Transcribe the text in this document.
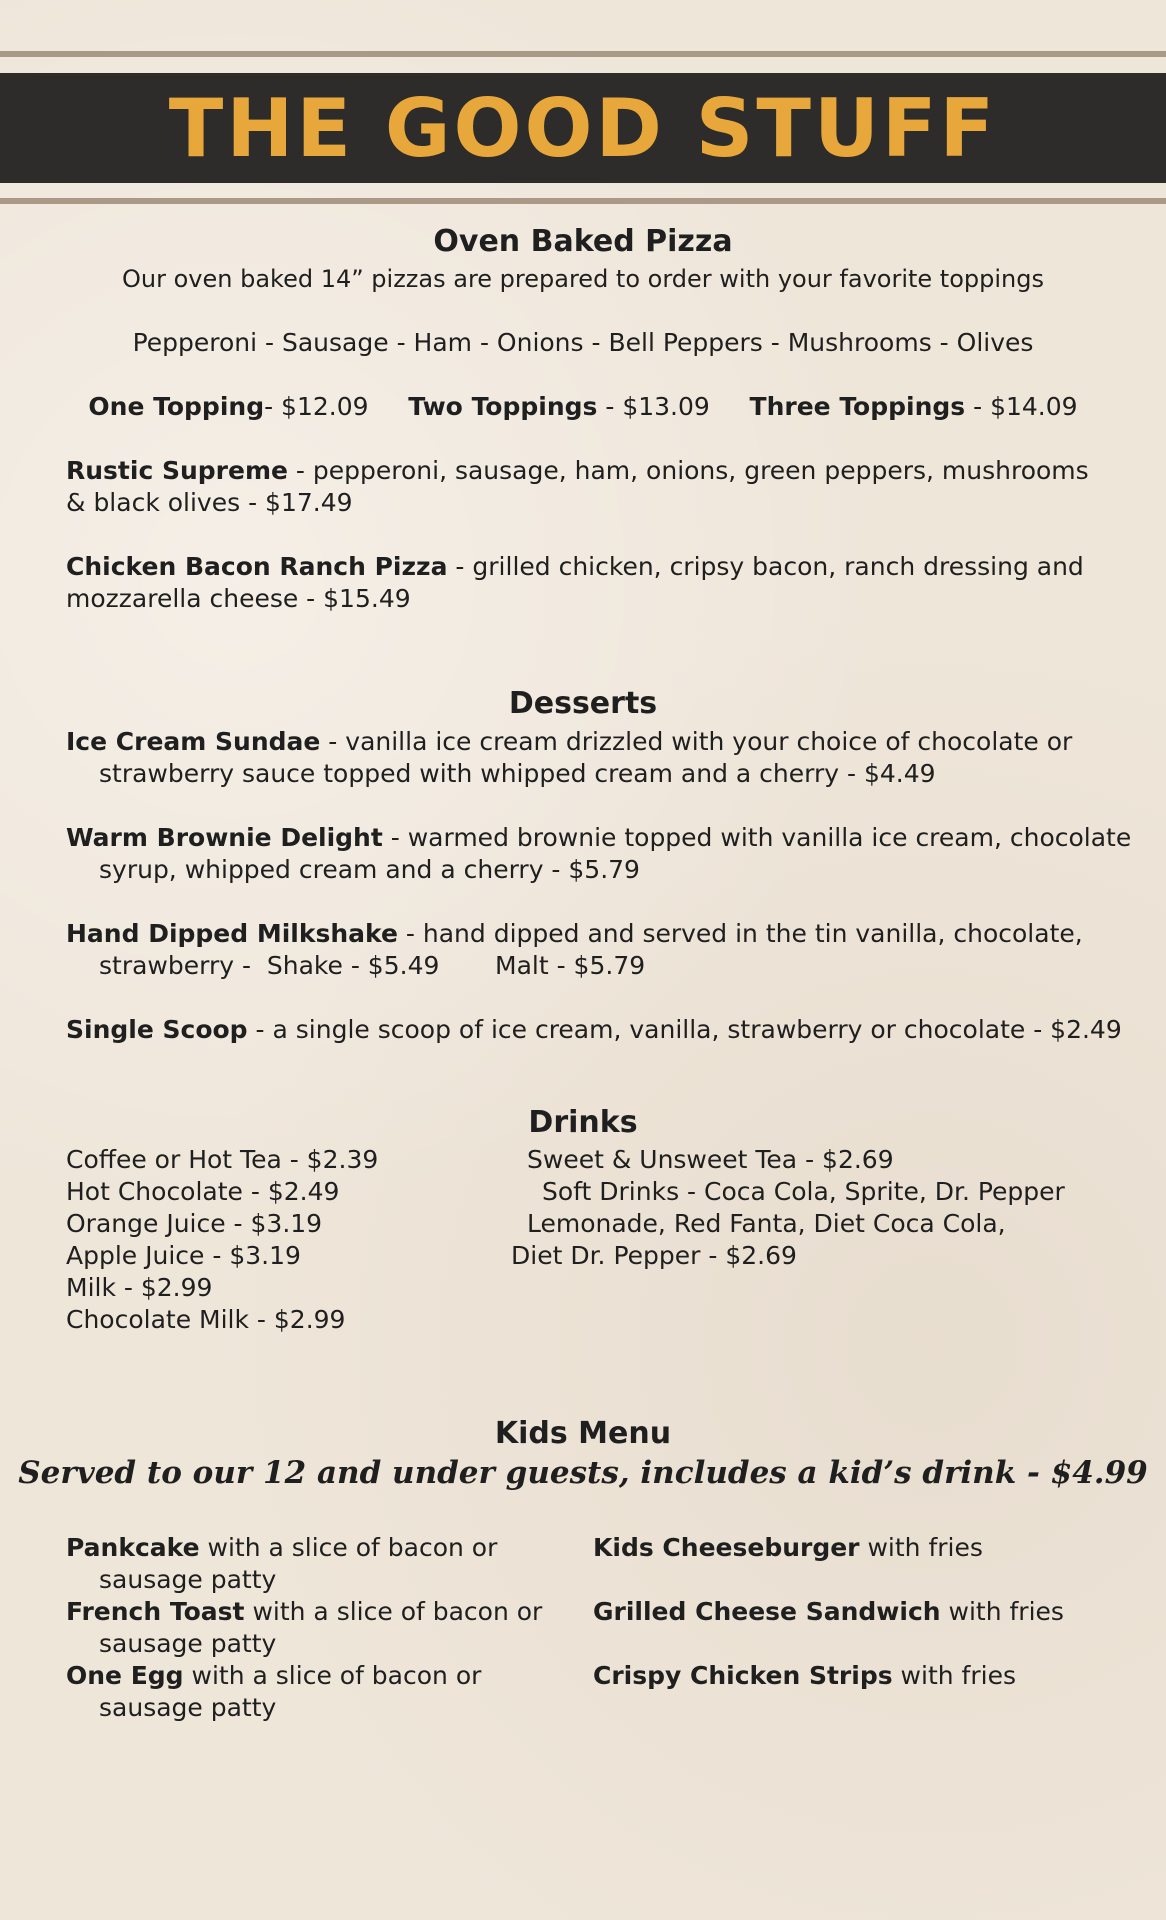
THE GOOD STUFF
Oven Baked Pizza
Our oven baked 14” pizzas are prepared to order with your favorite toppings
Pepperoni - Sausage - Ham - Onions - Bell Peppers - Mushrooms - Olives
One Topping- $12.09 Two Toppings - $13.09 Three Toppings - $14.09
Rustic Supreme - pepperoni, sausage, ham, onions, green peppers, mushrooms
& black olives - $17.49
Chicken Bacon Ranch Pizza - grilled chicken, cripsy bacon, ranch dressing and
mozzarella cheese - $15.49
Desserts
Ice Cream Sundae - vanilla ice cream drizzled with your choice of chocolate or
strawberry sauce topped with whipped cream and a cherry - $4.49
Warm Brownie Delight - warmed brownie topped with vanilla ice cream, chocolate
syrup, whipped cream and a cherry - $5.79
Hand Dipped Milkshake - hand dipped and served in the tin vanilla, chocolate,
strawberry -  Shake - $5.49       Malt - $5.79
Single Scoop - a single scoop of ice cream, vanilla, strawberry or chocolate - $2.49
Drinks
Coffee or Hot Tea - $2.39
Hot Chocolate - $2.49
Orange Juice - $3.19
Apple Juice - $3.19
Milk - $2.99
Chocolate Milk - $2.99
Sweet & Unsweet Tea - $2.69
Soft Drinks - Coca Cola, Sprite, Dr. Pepper
Lemonade, Red Fanta, Diet Coca Cola,
Diet Dr. Pepper - $2.69
Kids Menu
Served to our 12 and under guests, includes a kid’s drink - $4.99
Pankcake with a slice of bacon or
sausage patty
French Toast with a slice of bacon or
sausage patty
One Egg with a slice of bacon or
sausage patty
Kids Cheeseburger with fries
Grilled Cheese Sandwich with fries
Crispy Chicken Strips with fries
